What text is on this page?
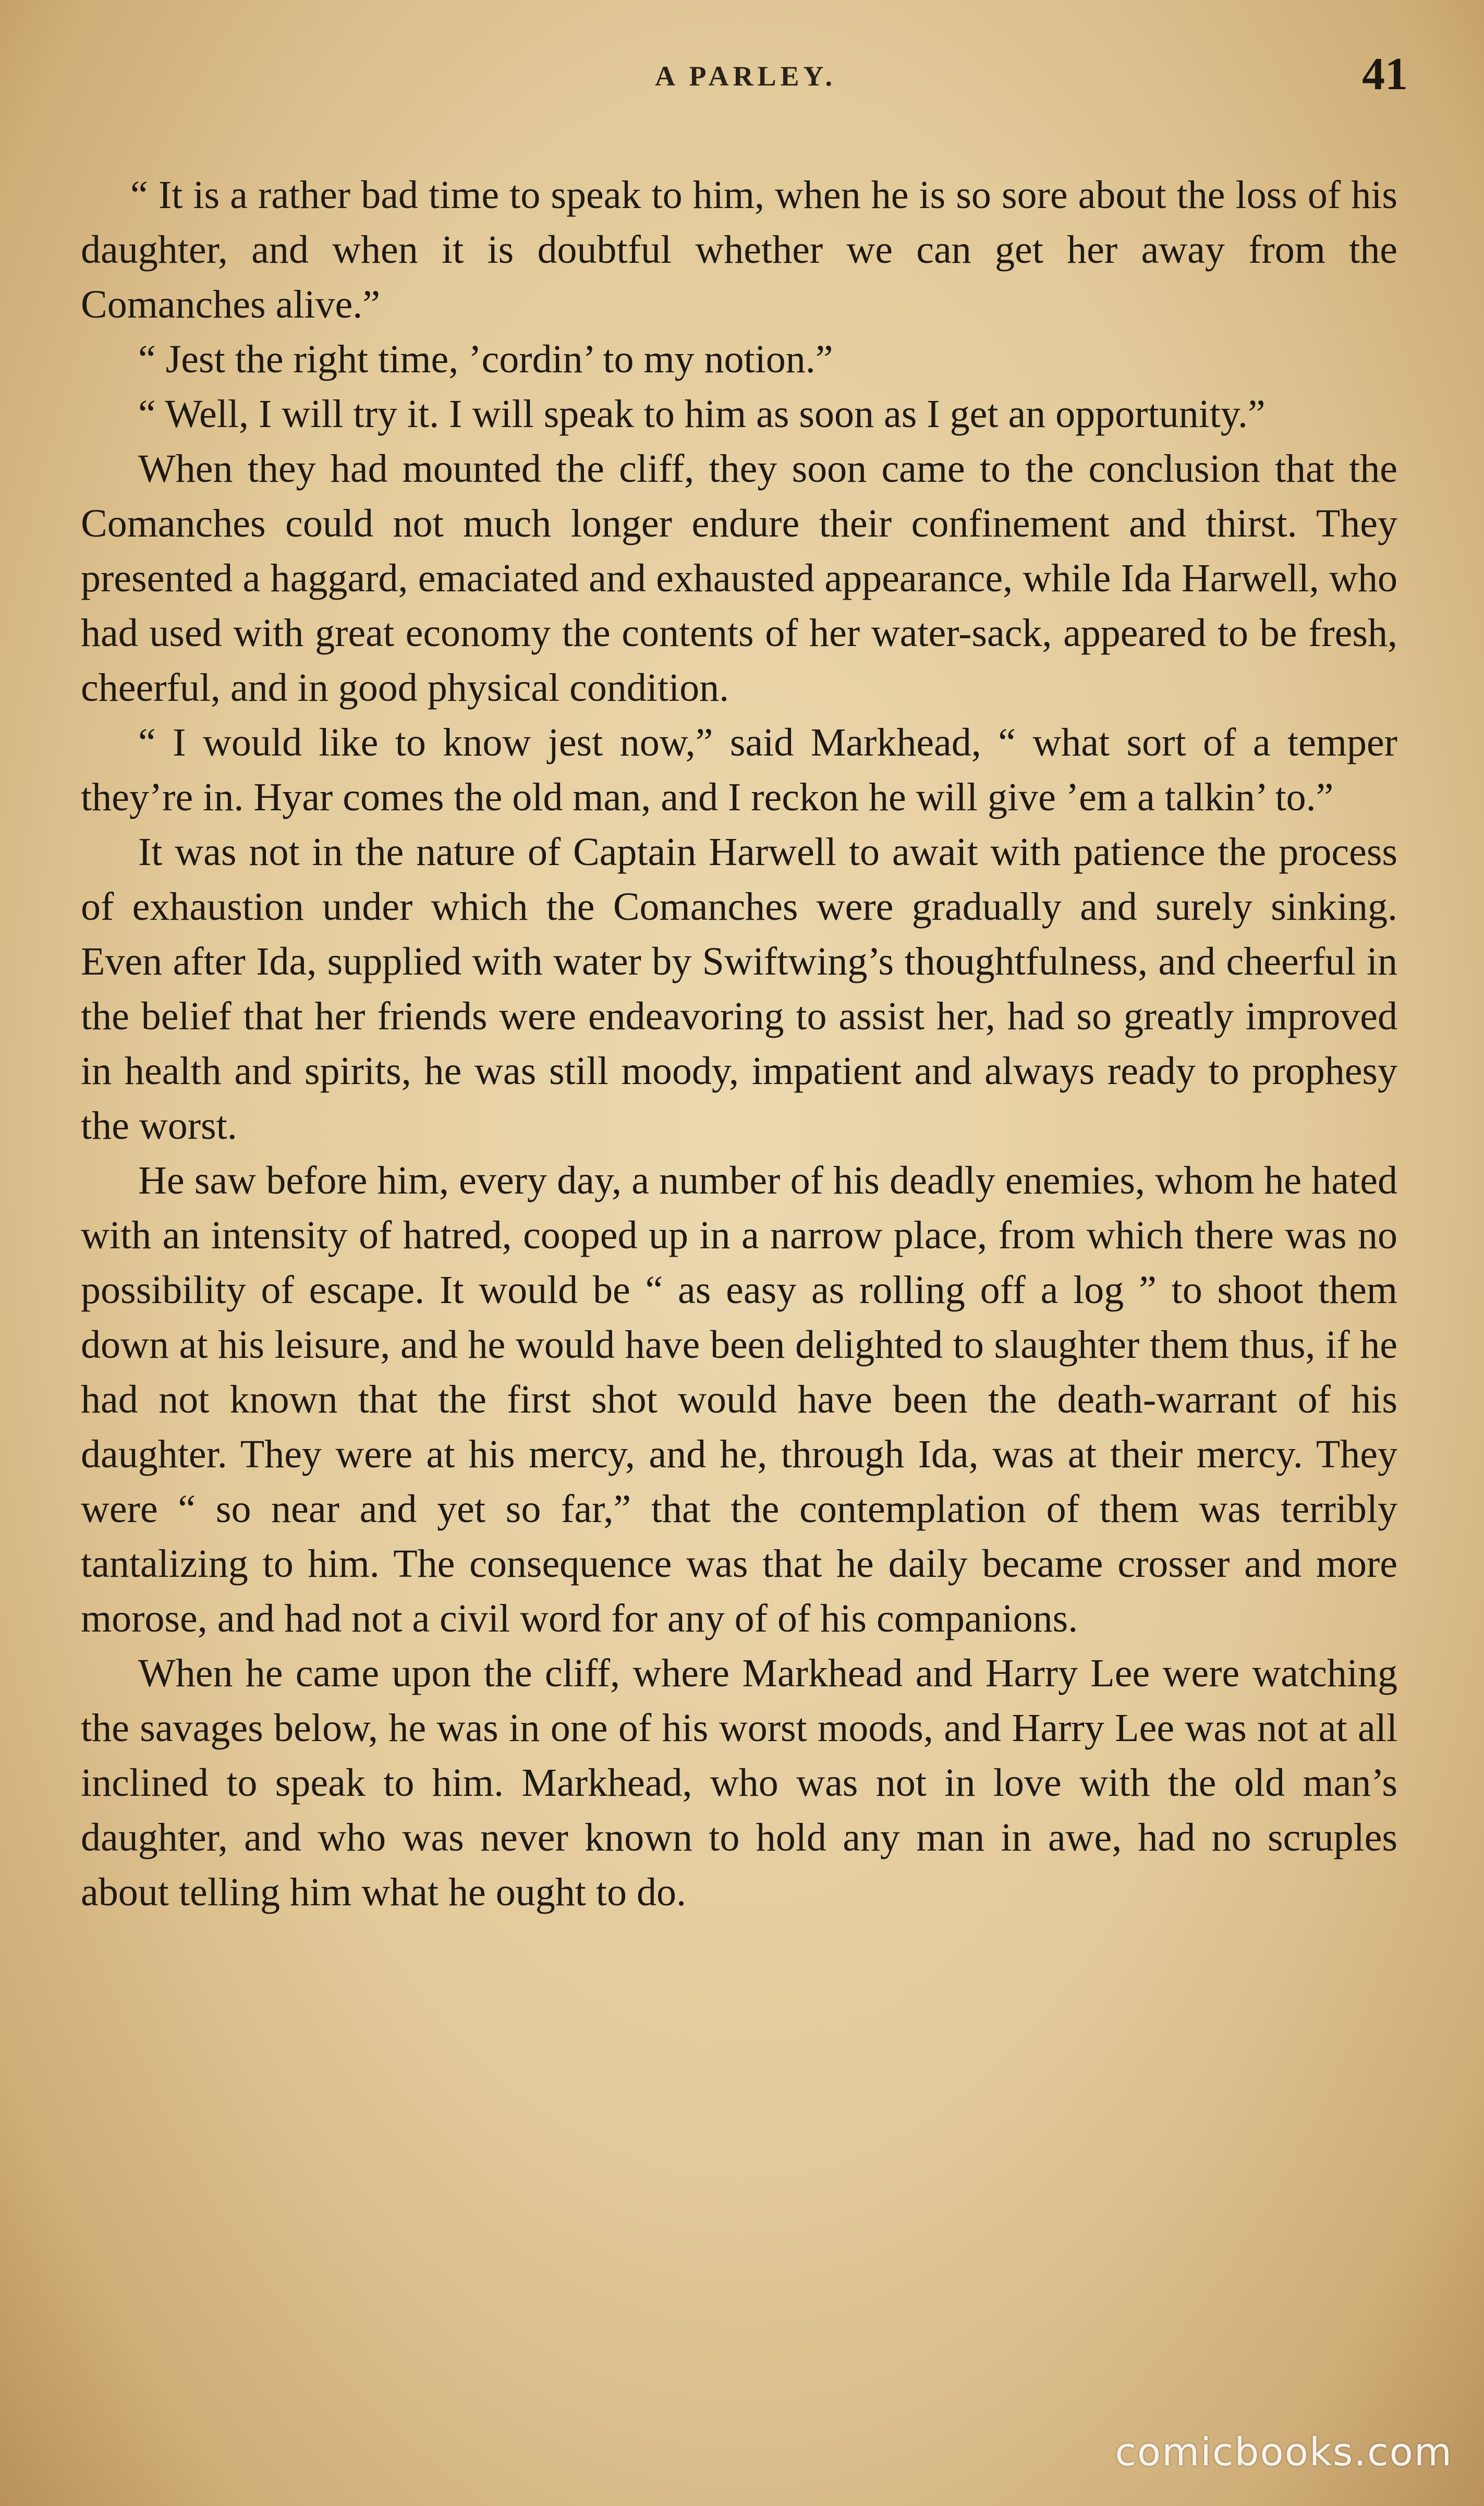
A PARLEY.	41

“ It is a rather bad time to speak to him, when he is so sore about the loss of his daughter, and when it is doubtful whether we can get her away from the Comanches alive.”

“ Jest the right time, ’cordin’ to my notion.”

“ Well, I will try it. I will speak to him as soon as I get an opportunity.”

When they had mounted the cliff, they soon came to the conclusion that the Comanches could not much longer endure their confinement and thirst. They presented a haggard, emaciated and exhausted appearance, while Ida Harwell, who had used with great economy the contents of her water-sack, appeared to be fresh, cheerful, and in good physical condition.

“ I would like to know jest now,” said Markhead, “ what sort of a temper they’re in. Hyar comes the old man, and I reckon he will give ’em a talkin’ to.”

It was not in the nature of Captain Harwell to await with patience the process of exhaustion under which the Comanches were gradually and surely sinking. Even after Ida, supplied with water by Swiftwing’s thoughtfulness, and cheerful in the belief that her friends were endeavoring to assist her, had so greatly improved in health and spirits, he was still moody, impatient and always ready to prophesy the worst.

He saw before him, every day, a number of his deadly enemies, whom he hated with an intensity of hatred, cooped up in a narrow place, from which there was no possibility of escape. It would be “ as easy as rolling off a log ” to shoot them down at his leisure, and he would have been delighted to slaughter them thus, if he had not known that the first shot would have been the death-warrant of his daughter. They were at his mercy, and he, through Ida, was at their mercy. They were “ so near and yet so far,” that the contemplation of them was terribly tantalizing to him. The consequence was that he daily became crosser and more morose, and had not a civil word for any of of his companions.

When he came upon the cliff, where Markhead and Harry Lee were watching the savages below, he was in one of his worst moods, and Harry Lee was not at all inclined to speak to him. Markhead, who was not in love with the old man’s daughter, and who was never known to hold any man in awe, had no scruples about telling him what he ought to do.

comicbooks.com
